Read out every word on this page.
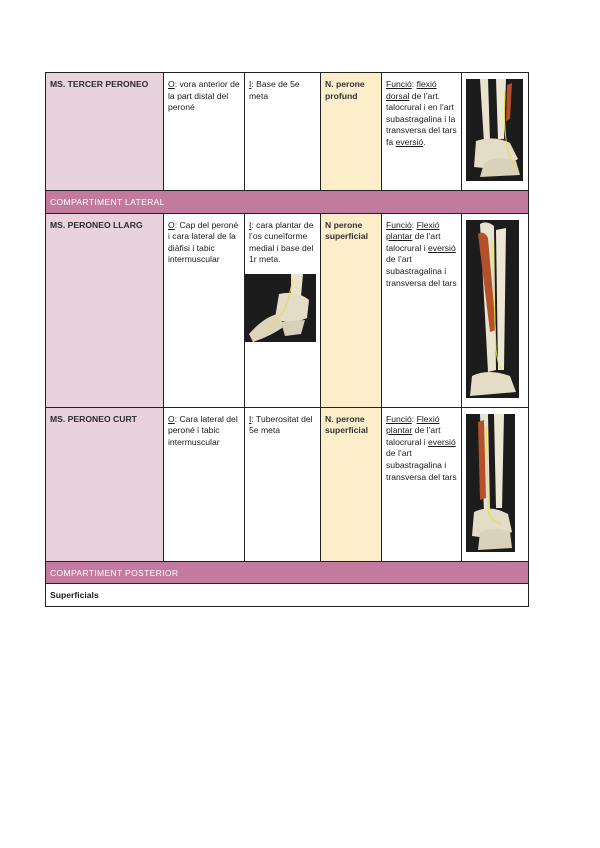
MS. TERCER PERONEO	O: vora anterior de la part distal del peroné	I: Base de 5e meta	N. perone profund	Funció: flexió dorsal de l’art. talocrural i en l’art subastragalina i la transversa del tars fa eversió.	

COMPARTIMENT LATERAL					
MS. PERONEO LLARG	O: Cap del peroné i cara lateral de la diàfisi i tabic intermuscular	I: cara plantar de l’os cuneïforme medial i base del 1r meta.	N perone superficial	Funció: Flexió plantar de l’art talocrural i eversió de l’art subastragalina i transversa del tars	

MS. PERONEO CURT	O: Cara lateral del peroné i tabic intermuscular	I: Tuberositat del 5e meta	N. perone superficial	Funció: Flexió plantar de l’art talocrural i eversió de l’art subastragalina i transversa del tars	

COMPARTIMENT POSTERIOR					
Superficials					
